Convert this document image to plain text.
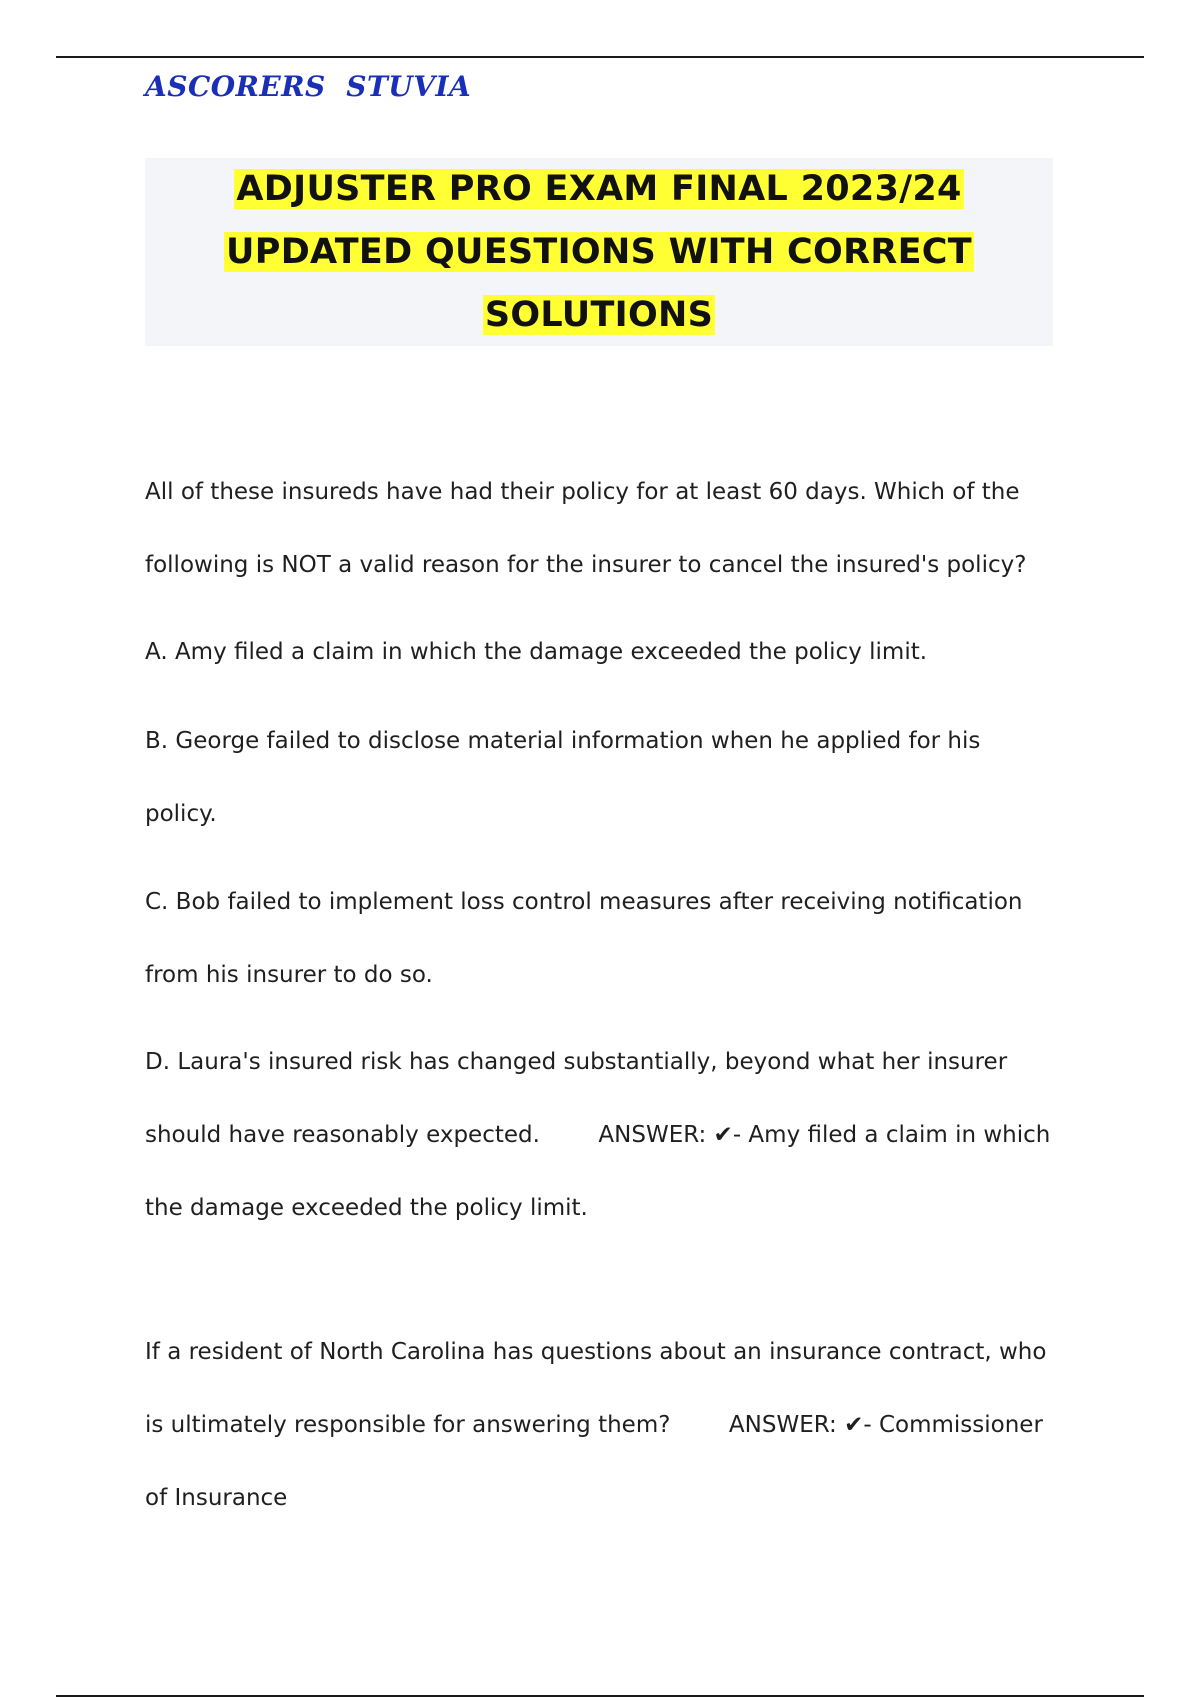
ASCORERS  STUVIA
ADJUSTER PRO EXAM FINAL 2023/24
UPDATED QUESTIONS WITH CORRECT
SOLUTIONS
All of these insureds have had their policy for at least 60 days. Which of the
following is NOT a valid reason for the insurer to cancel the insured's policy?
A. Amy filed a claim in which the damage exceeded the policy limit.
B. George failed to disclose material information when he applied for his
policy.
C. Bob failed to implement loss control measures after receiving notification
from his insurer to do so.
D. Laura's insured risk has changed substantially, beyond what her insurer
should have reasonably expected.        ANSWER: ✔- Amy filed a claim in which
the damage exceeded the policy limit.
If a resident of North Carolina has questions about an insurance contract, who
is ultimately responsible for answering them?        ANSWER: ✔- Commissioner
of Insurance
